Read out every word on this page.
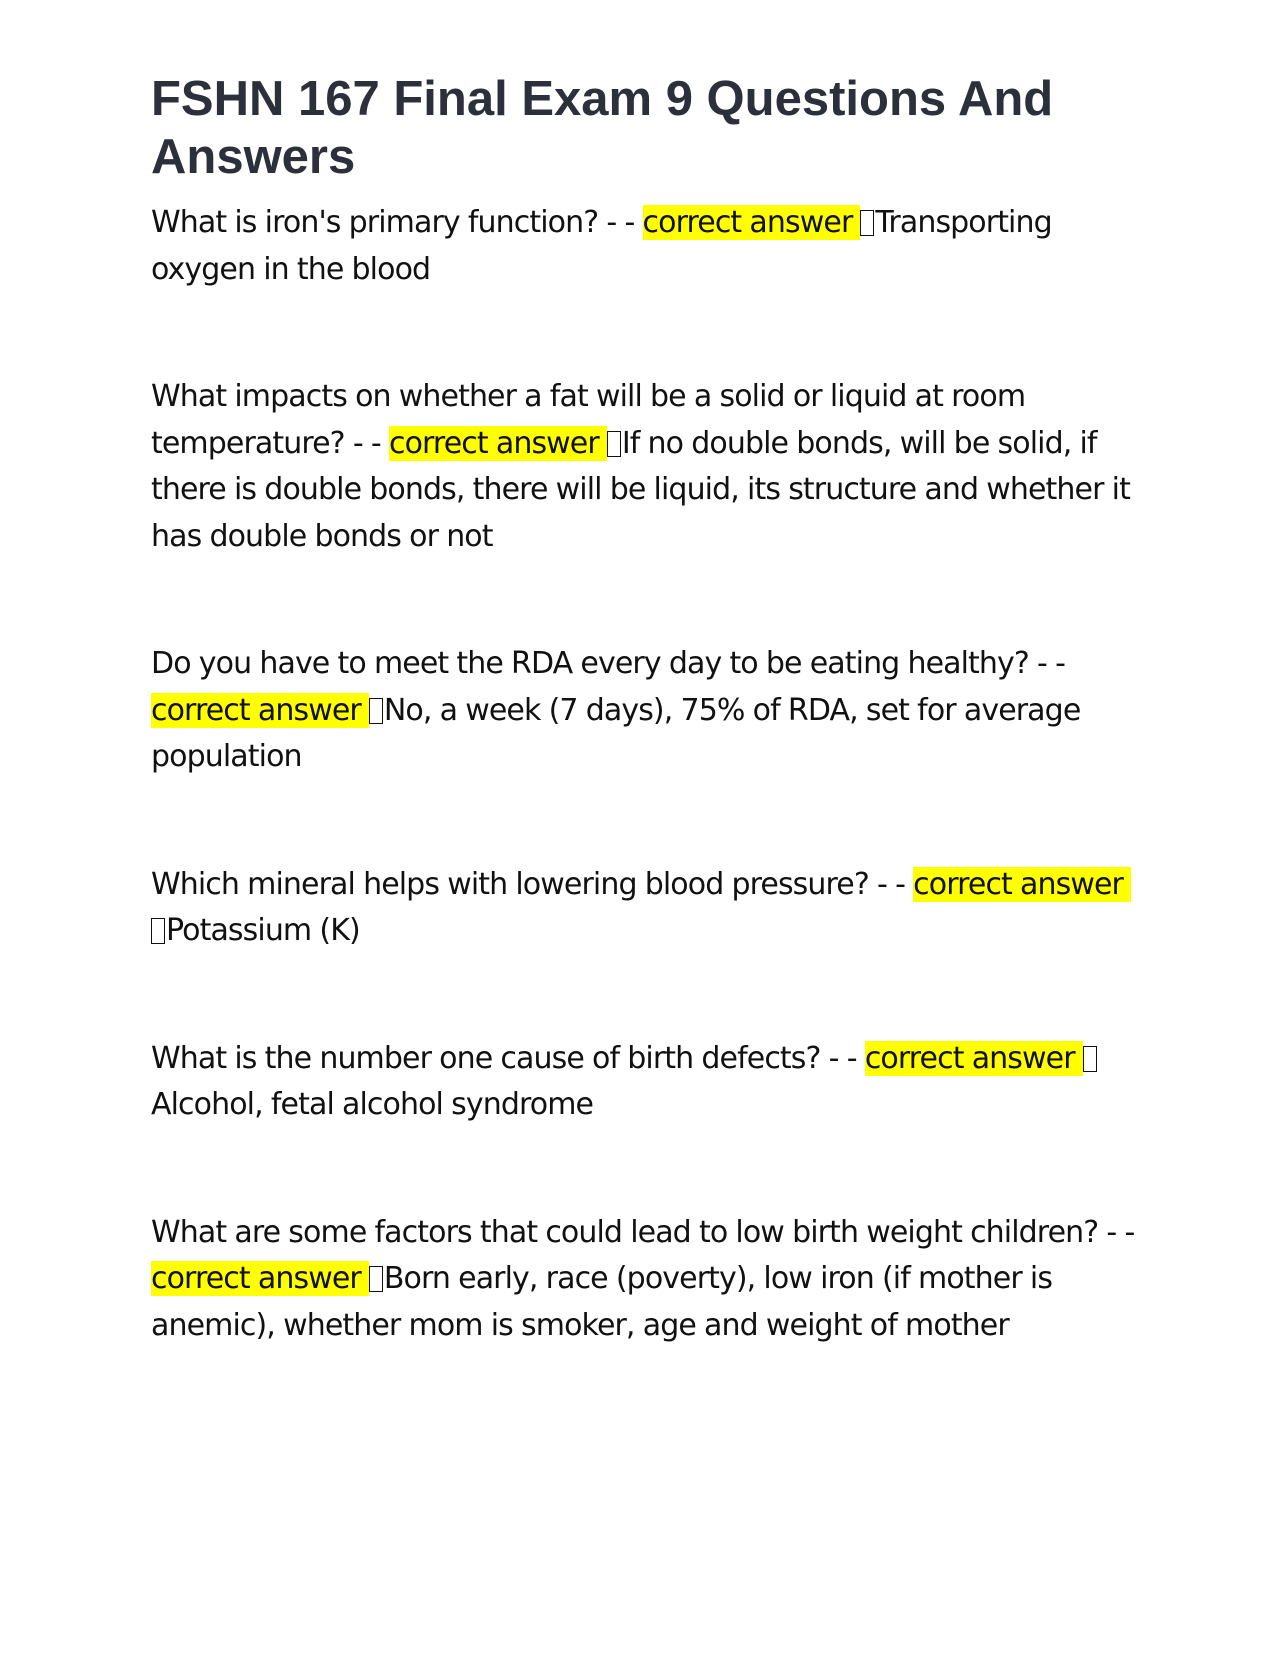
FSHN 167 Final Exam 9 Questions And Answers

What is iron's primary function? - - correct answer Transporting oxygen in the blood

What impacts on whether a fat will be a solid or liquid at room temperature? - - correct answer If no double bonds, will be solid, if there is double bonds, there will be liquid, its structure and whether it has double bonds or not

Do you have to meet the RDA every day to be eating healthy? - - correct answer No, a week (7 days), 75% of RDA, set for average population

Which mineral helps with lowering blood pressure? - - correct answerPotassium (K)

What is the number one cause of birth defects? - - correct answerAlcohol, fetal alcohol syndrome

What are some factors that could lead to low birth weight children? - - correct answer Born early, race (poverty), low iron (if mother is anemic), whether mom is smoker, age and weight of mother
